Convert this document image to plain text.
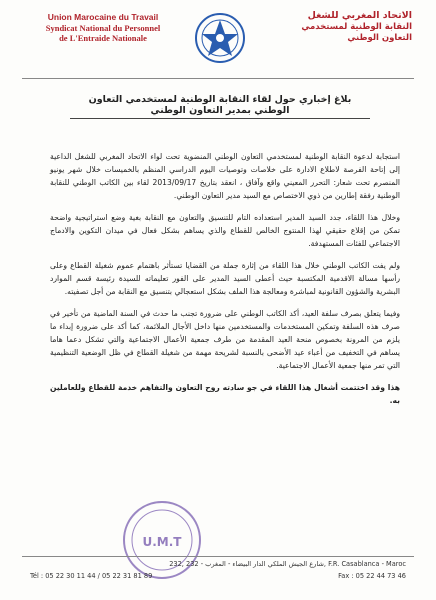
Union Marocaine du Travail
Syndicat National du Personnel
de L'Entraide Nationale
الاتحاد المغربي للشغل
النقابة الوطنية لمستخدمي
التعاون الوطني
بلاغ إخباري حول لقاء النقابة الوطنية لمستخدمي التعاون الوطني بمدير التعاون الوطني

استجابة لدعوة النقابة الوطنية لمستخدمي التعاون الوطني المنضوية تحت لواء الاتحاد المغربي للشغل الداعية إلى إتاحة الفرصة لاطلاع الادارة على خلاصات وتوصيات اليوم الدراسي المنظم بالخميسات خلال شهر يونيو المنصرم تحت شعار: التحرر المعيني واقع وآفاق ، انعقد بتاريخ 2013/09/17 لقاء بين الكاتب الوطني للنقابة الوطنية رفقة إطارين من ذوي الاختصاص مع السيد مدير التعاون الوطني.

وخلال هذا اللقاء، جدد السيد المدير استعداده التام للتنسيق والتعاون مع النقابة بغية وضع استراتيجية واضحة تمكن من إقلاع حقيقي لهذا المنتوج الخالص للقطاع والذي يساهم بشكل فعال في ميدان التكوين والادماج الاجتماعي للفئات المستهدفة.

ولم يفت الكاتب الوطني خلال هذا اللقاء من إثارة جملة من القضايا تستأثر باهتمام عموم شغيلة القطاع وعلى رأسها مسالة الاقدمية المكتسبة حيث أعطى السيد المدير على الفور تعليماته للسيدة رئيسة قسم الموارد البشرية والشؤون القانونية لمباشرة ومعالجة هذا الملف بشكل استعجالي بتنسيق مع النقابة من أجل تصفيته.

وفيما يتعلق بصرف سلفة العيد، أكد الكاتب الوطني على ضرورة تجنب ما حدث في السنة الماضية من تأخير في صرف هذه السلفة وتمكين المستخدمات والمستخدمين منها داخل الأجال الملائمة، كما أكد على ضرورة إبداء ما يلزم من المرونة بخصوص منحة العيد المقدمة من طرف جمعية الأعمال الاجتماعية والتي تشكل دعما هاما يساهم في التخفيف من أعباء عيد الأضحى بالنسبة لشريحة مهمة من شغيلة القطاع في ظل الوضعية التنظيمية التي تمر منها جمعية الأعمال الاجتماعية.

هذا وقد اختتمت أشغال هذا اللقاء في جو سادته روح التعاون والتفاهم خدمة للقطاع وللعاملين به.

U.M.T
232, شارع الجيش الملكي الدار البيضاء - المغرب - 232, F.R. Casablanca - Maroc
Tél : 05 22 30 11 44 / 05 22 31 81 89	Fax : 05 22 44 73 46
